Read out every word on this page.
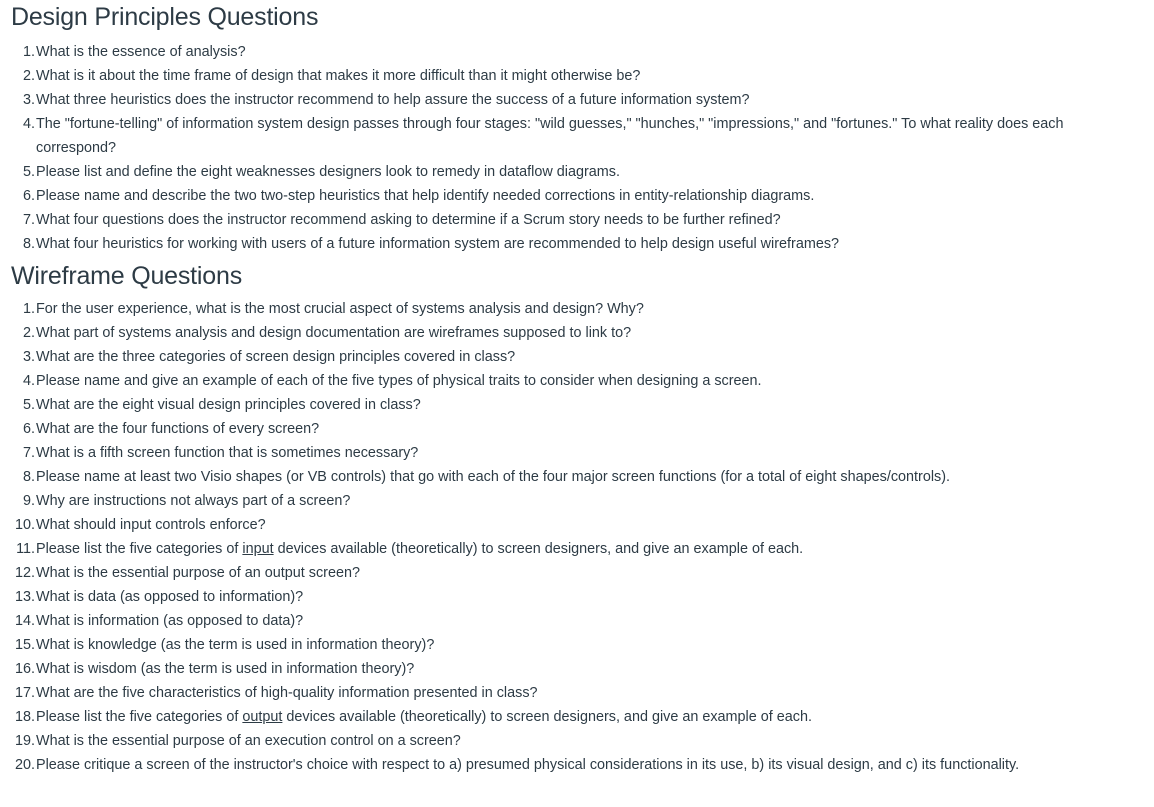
Design Principles Questions
1. What is the essence of analysis?
2. What is it about the time frame of design that makes it more difficult than it might otherwise be?
3. What three heuristics does the instructor recommend to help assure the success of a future information system?
4. The "fortune-telling" of information system design passes through four stages: "wild guesses," "hunches," "impressions," and "fortunes." To what reality does each correspond?
5. Please list and define the eight weaknesses designers look to remedy in dataflow diagrams.
6. Please name and describe the two two-step heuristics that help identify needed corrections in entity-relationship diagrams.
7. What four questions does the instructor recommend asking to determine if a Scrum story needs to be further refined?
8. What four heuristics for working with users of a future information system are recommended to help design useful wireframes?
Wireframe Questions
1. For the user experience, what is the most crucial aspect of systems analysis and design? Why?
2. What part of systems analysis and design documentation are wireframes supposed to link to?
3. What are the three categories of screen design principles covered in class?
4. Please name and give an example of each of the five types of physical traits to consider when designing a screen.
5. What are the eight visual design principles covered in class?
6. What are the four functions of every screen?
7. What is a fifth screen function that is sometimes necessary?
8. Please name at least two Visio shapes (or VB controls) that go with each of the four major screen functions (for a total of eight shapes/controls).
9. Why are instructions not always part of a screen?
10. What should input controls enforce?
11. Please list the five categories of input devices available (theoretically) to screen designers, and give an example of each.
12. What is the essential purpose of an output screen?
13. What is data (as opposed to information)?
14. What is information (as opposed to data)?
15. What is knowledge (as the term is used in information theory)?
16. What is wisdom (as the term is used in information theory)?
17. What are the five characteristics of high-quality information presented in class?
18. Please list the five categories of output devices available (theoretically) to screen designers, and give an example of each.
19. What is the essential purpose of an execution control on a screen?
20. Please critique a screen of the instructor's choice with respect to a) presumed physical considerations in its use, b) its visual design, and c) its functionality.
